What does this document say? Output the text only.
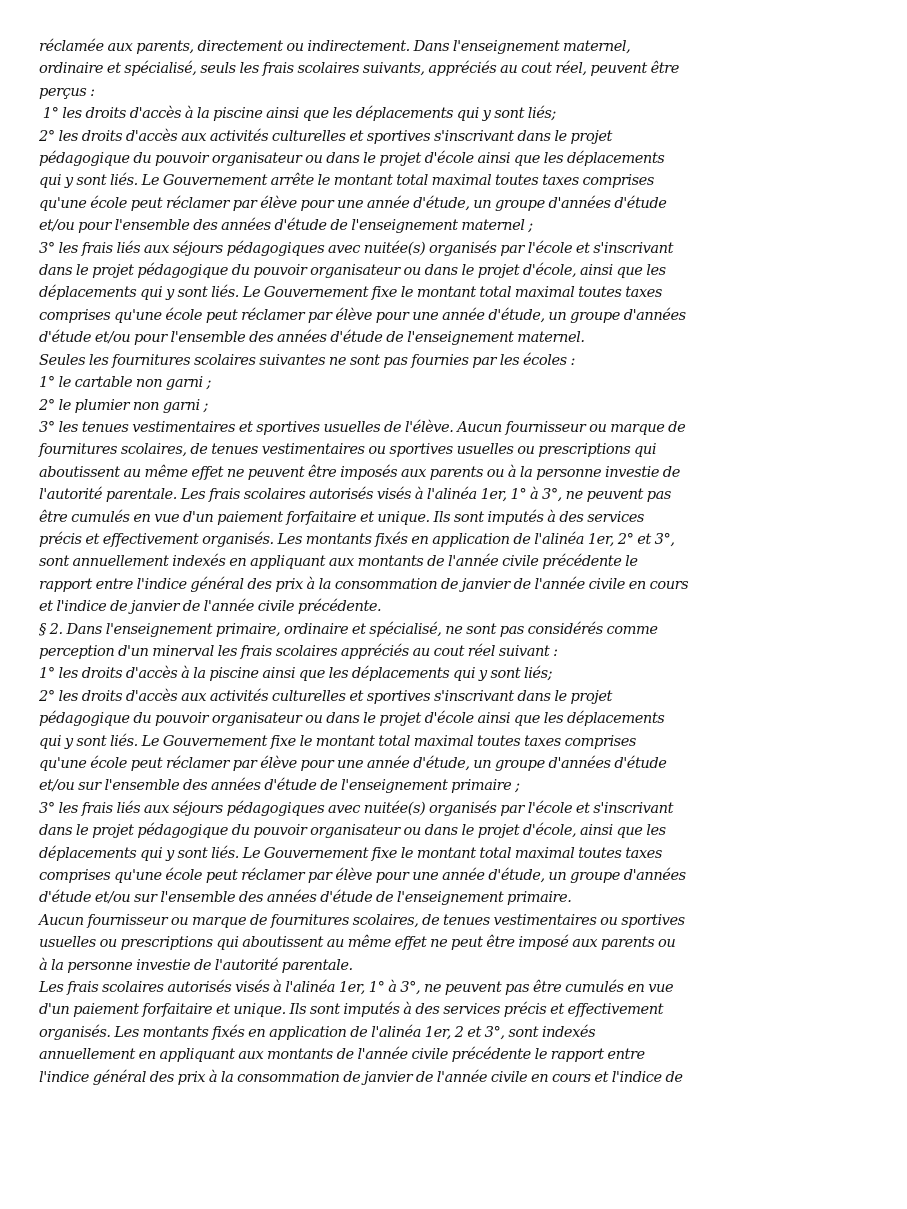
réclamée aux parents, directement ou indirectement. Dans l'enseignement maternel,

ordinaire et spécialisé, seuls les frais scolaires suivants, appréciés au cout réel, peuvent être

perçus :

1° les droits d'accès à la piscine ainsi que les déplacements qui y sont liés;

2° les droits d'accès aux activités culturelles et sportives s'inscrivant dans le projet

pédagogique du pouvoir organisateur ou dans le projet d'école ainsi que les déplacements

qui y sont liés. Le Gouvernement arrête le montant total maximal toutes taxes comprises

qu'une école peut réclamer par élève pour une année d'étude, un groupe d'années d'étude

et/ou pour l'ensemble des années d'étude de l'enseignement maternel ;

3° les frais liés aux séjours pédagogiques avec nuitée(s) organisés par l'école et s'inscrivant

dans le projet pédagogique du pouvoir organisateur ou dans le projet d'école, ainsi que les

déplacements qui y sont liés. Le Gouvernement fixe le montant total maximal toutes taxes

comprises qu'une école peut réclamer par élève pour une année d'étude, un groupe d'années

d'étude et/ou pour l'ensemble des années d'étude de l'enseignement maternel.

Seules les fournitures scolaires suivantes ne sont pas fournies par les écoles :

1° le cartable non garni ;

2° le plumier non garni ;

3° les tenues vestimentaires et sportives usuelles de l'élève. Aucun fournisseur ou marque de

fournitures scolaires, de tenues vestimentaires ou sportives usuelles ou prescriptions qui

aboutissent au même effet ne peuvent être imposés aux parents ou à la personne investie de

l'autorité parentale. Les frais scolaires autorisés visés à l'alinéa 1er, 1° à 3°, ne peuvent pas

être cumulés en vue d'un paiement forfaitaire et unique. Ils sont imputés à des services

précis et effectivement organisés. Les montants fixés en application de l'alinéa 1er, 2° et 3°,

sont annuellement indexés en appliquant aux montants de l'année civile précédente le

rapport entre l'indice général des prix à la consommation de janvier de l'année civile en cours

et l'indice de janvier de l'année civile précédente.

§ 2. Dans l'enseignement primaire, ordinaire et spécialisé, ne sont pas considérés comme

perception d'un minerval les frais scolaires appréciés au cout réel suivant :

1° les droits d'accès à la piscine ainsi que les déplacements qui y sont liés;

2° les droits d'accès aux activités culturelles et sportives s'inscrivant dans le projet

pédagogique du pouvoir organisateur ou dans le projet d'école ainsi que les déplacements

qui y sont liés. Le Gouvernement fixe le montant total maximal toutes taxes comprises

qu'une école peut réclamer par élève pour une année d'étude, un groupe d'années d'étude

et/ou sur l'ensemble des années d'étude de l'enseignement primaire ;

3° les frais liés aux séjours pédagogiques avec nuitée(s) organisés par l'école et s'inscrivant

dans le projet pédagogique du pouvoir organisateur ou dans le projet d'école, ainsi que les

déplacements qui y sont liés. Le Gouvernement fixe le montant total maximal toutes taxes

comprises qu'une école peut réclamer par élève pour une année d'étude, un groupe d'années

d'étude et/ou sur l'ensemble des années d'étude de l'enseignement primaire.

Aucun fournisseur ou marque de fournitures scolaires, de tenues vestimentaires ou sportives

usuelles ou prescriptions qui aboutissent au même effet ne peut être imposé aux parents ou

à la personne investie de l'autorité parentale.

Les frais scolaires autorisés visés à l'alinéa 1er, 1° à 3°, ne peuvent pas être cumulés en vue

d'un paiement forfaitaire et unique. Ils sont imputés à des services précis et effectivement

organisés. Les montants fixés en application de l'alinéa 1er, 2 et 3°, sont indexés

annuellement en appliquant aux montants de l'année civile précédente le rapport entre

l'indice général des prix à la consommation de janvier de l'année civile en cours et l'indice de
